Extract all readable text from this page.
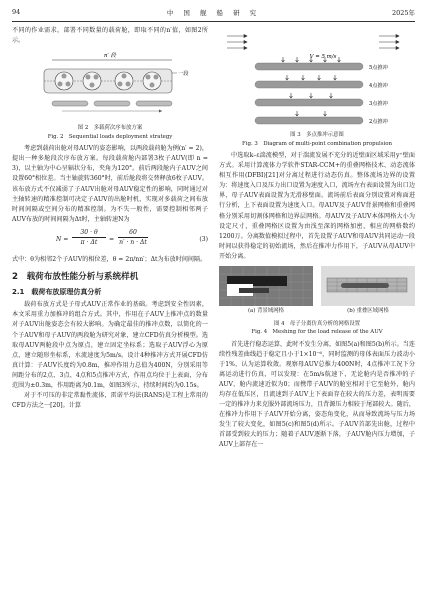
94	中 国 舰 船 研 究	2025年

不同的作业需求，部署不同数量的载荷舱，即取不同的n′值，如图2所示。

n′ 段
一段
图 2　多载荷次序布放方案
Fig. 2　Sequential loads deployment strategy

考虑到载荷出舱对母AUV的姿态影响，以两段载荷舱为例(n′ = 2)，提出一种多舱段次序布放方案。每段载荷舱内部署3枚子AUV(即 n = 3)，以主轴为中心呈辐状分布，夹角为120°。前后两段舱内子AUV之间设置60°相位差。当主轴旋转360°时，前后舱段将交替释放6枚子AUV。该布放方式不仅减弱了子AUV出舱对母AUV稳定性的影响，同时通过对主轴转速的精准控制可决定子AUV的出舱时机，实现对多载荷之间布放时间间隔或空间分布的精准控制。为不失一般性，需要控制相邻两子AUV布放的时间间隔为Δt时，主轴转速N为

$N = \frac{30 \cdot \theta}{\pi \cdot \Delta t} = \frac{60}{n' \cdot n \cdot \Delta t}$	(3)

式中：θ为相邻2个子AUV的相位差，θ = 2π/nn′；Δt为布放时间间隔。

2　载荷布放性能分析与系统样机
2.1　载荷布放原理仿真分析

载荷布放方式是子母式AUV正常作业的基础。考虑到安全性因素，本文采用重力加推冲的组合方式。其中，作用在子AUV上推冲点的数量对子AUV出舱姿态会有较大影响。为确定最佳的推冲点数，以简化的一个子AUV和母子AUV的两段舱为研究对象，建立CFD仿真分析模型。选取母AUV两舱段中点为原点，建立固定坐标系；选取子AUV浮心为原点，建立随形坐标系，水流速度为5m/s。设计4种推冲方式开展CFD仿真计算：子AUV长度约为0.8m，推冲作用力总值为400N，分别采用等间距分布的2点、3点、4点和5点推冲方式，作用点均位于上表面，分布范围为±0.3m，作用距离为0.1m，如图3所示，持续时间约为0.15s。

对于不可压的非定常黏性流体，雷诺平均法(RANS)是工程上常用的CFD方法之一[20]。计算

V = 5 m/s
5点推冲
4点推冲
3点推冲
2点推冲
图 3　多点推冲示意图
Fig. 3　Diagram of multi-point combination propulsion

中选取k–ε湍流模型，对于湍流发展不充分的近壁面区域采用y⁺壁面方式。采用计算流体力学软件STAR-CCM+的重叠网格技术、动态流体相互作用(DFBI)[21]对分离过程进行动态仿真。整体流场边界的设置为：将速度入口及压力出口设置为速度入口，流场左右表面设置为出口边界，母子AUV表面设置为无滑移壁面。流场前后表面分别设置对称面进行分析，上下表面设置为速度入口。母AUV及子AUV背景网格和重叠网格分别采用切割体网格和边界层网格。母AUV及子AUV本体网格大小为设定尺寸，重叠网格区设置为由浅至深的网格加密，相应的网格数约1200万。分离数值模拟过程中，首先设置子AUV和母AUV共同运动一段时间以获得稳定的初始流场，然后在推冲力作用下，子AUV从母AUV中开始分离。

(a) 背景域网格	(b) 重叠区域网格
图 4　母子分离仿真分析的网格设置
Fig. 4　Meshing for the load release of the AUV

首先进行稳态运算，此时不发生分离，如图5(a)和图5(b)所示。当连续性残差曲线趋于稳定且小于1×10⁻⁶，同时监测的母体表面压力波动小于1%，认为运算收敛。观察母AUV总推力400N时，4点推冲工况下分离运动进行仿真，可以发现：在5m/s航速下，无论舱内是否推冲的子AUV，舱内流速近似为0；而携带子AUV的舱室相对于它至舱外，舱内均存在低压区，且流速到子AUV上下表面存在较大的压力差，表明需要一定的推冲力来克服外部流场压力，且背源压力相较于尾部较大。随后，在推冲力作用下子AUV开始分离，姿态角变化，从而导致流场与压力场发生了较大变化，如图5(c)和图5(d)所示。子AUV首部先出舱，过程中首部受到较大的压力；随着子AUV逐渐下落，子AUV舱内压力增加，子AUV上部存在一
